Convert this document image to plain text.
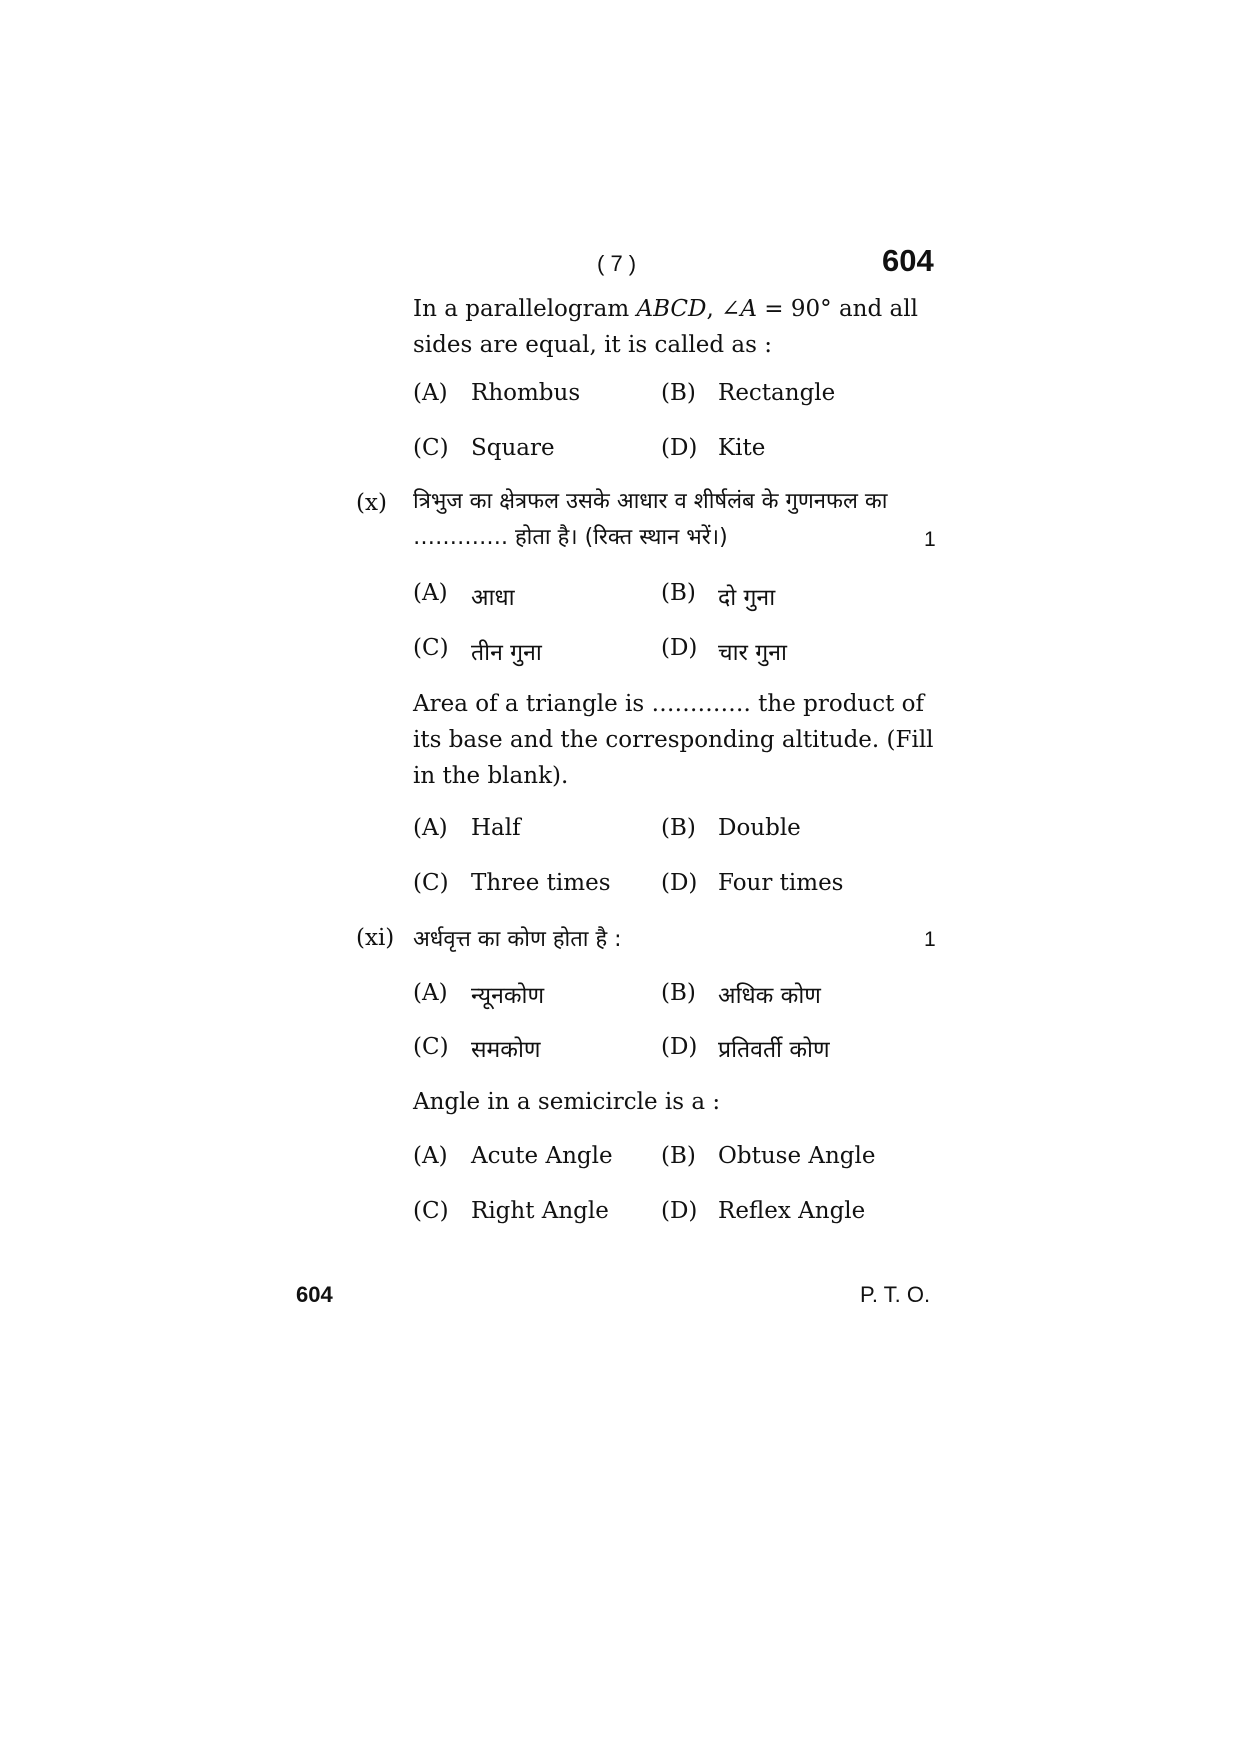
( 7 )	604
In a parallelogram ABCD, ∠A = 90° and all
sides are equal, it is called as :
(A) Rhombus	(B) Rectangle
(C) Square	(D) Kite
(x) त्रिभुज का क्षेत्रफल उसके आधार व शीर्षलंब के गुणनफल का
…………. होता है। (रिक्त स्थान भरें।)	1
(A) आधा	(B) दो गुना
(C) तीन गुना	(D) चार गुना
Area of a triangle is …………. the product of
its base and the corresponding altitude. (Fill
in the blank).
(A) Half	(B) Double
(C) Three times (D) Four times
(xi) अर्धवृत्त का कोण होता है :	1
(A) न्यूनकोण	(B) अधिक कोण
(C) समकोण	(D) प्रतिवर्ती कोण
Angle in a semicircle is a :
(A) Acute Angle (B) Obtuse Angle
(C) Right Angle (D) Reflex Angle
604	P. T. O.
